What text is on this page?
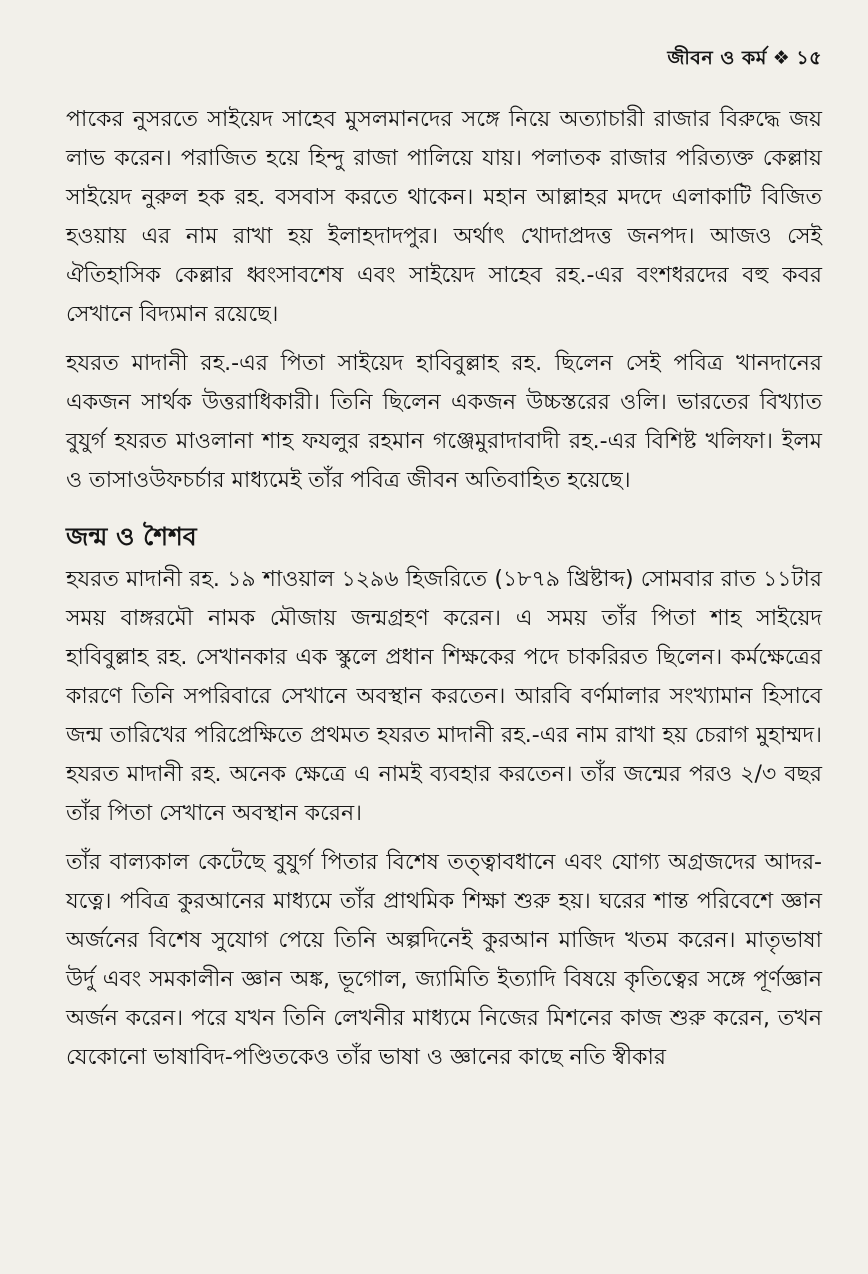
জীবন ও কর্ম ❖ ১৫

পাকের নুসরতে সাইয়েদ সাহেব মুসলমানদের সঙ্গে নিয়ে অত্যাচারী রাজার বিরুদ্ধে জয় লাভ করেন। পরাজিত হয়ে হিন্দু রাজা পালিয়ে যায়। পলাতক রাজার পরিত্যক্ত কেল্লায় সাইয়েদ নুরুল হক রহ. বসবাস করতে থাকেন। মহান আল্লাহর মদদে এলাকাটি বিজিত হওয়ায় এর নাম রাখা হয় ইলাহদাদপুর। অর্থাৎ খোদাপ্রদত্ত জনপদ। আজও সেই ঐতিহাসিক কেল্লার ধ্বংসাবশেষ এবং সাইয়েদ সাহেব রহ.-এর বংশধরদের বহু কবর সেখানে বিদ্যমান রয়েছে।

হযরত মাদানী রহ.-এর পিতা সাইয়েদ হাবিবুল্লাহ রহ. ছিলেন সেই পবিত্র খানদানের একজন সার্থক উত্তরাধিকারী। তিনি ছিলেন একজন উচ্চস্তরের ওলি। ভারতের বিখ্যাত বুযুর্গ হযরত মাওলানা শাহ ফযলুর রহমান গঞ্জেমুরাদাবাদী রহ.-এর বিশিষ্ট খলিফা। ইলম ও তাসাওউফচর্চার মাধ্যমেই তাঁর পবিত্র জীবন অতিবাহিত হয়েছে।

জন্ম ও শৈশব

হযরত মাদানী রহ. ১৯ শাওয়াল ১২৯৬ হিজরিতে (১৮৭৯ খ্রিষ্টাব্দ) সোমবার রাত ১১টার সময় বাঙ্গরমৌ নামক মৌজায় জন্মগ্রহণ করেন। এ সময় তাঁর পিতা শাহ সাইয়েদ হাবিবুল্লাহ রহ. সেখানকার এক স্কুলে প্রধান শিক্ষকের পদে চাকরিরত ছিলেন। কর্মক্ষেত্রের কারণে তিনি সপরিবারে সেখানে অবস্থান করতেন। আরবি বর্ণমালার সংখ্যামান হিসাবে জন্ম তারিখের পরিপ্রেক্ষিতে প্রথমত হযরত মাদানী রহ.-এর নাম রাখা হয় চেরাগ মুহাম্মদ। হযরত মাদানী রহ. অনেক ক্ষেত্রে এ নামই ব্যবহার করতেন। তাঁর জন্মের পরও ২/৩ বছর তাঁর পিতা সেখানে অবস্থান করেন।

তাঁর বাল্যকাল কেটেছে বুযুর্গ পিতার বিশেষ তত্ত্বাবধানে এবং যোগ্য অগ্রজদের আদর-যত্নে। পবিত্র কুরআনের মাধ্যমে তাঁর প্রাথমিক শিক্ষা শুরু হয়। ঘরের শান্ত পরিবেশে জ্ঞান অর্জনের বিশেষ সুযোগ পেয়ে তিনি অল্পদিনেই কুরআন মাজিদ খতম করেন। মাতৃভাষা উর্দু এবং সমকালীন জ্ঞান অঙ্ক, ভূগোল, জ্যামিতি ইত্যাদি বিষয়ে কৃতিত্বের সঙ্গে পূর্ণজ্ঞান অর্জন করেন। পরে যখন তিনি লেখনীর মাধ্যমে নিজের মিশনের কাজ শুরু করেন, তখন যেকোনো ভাষাবিদ-পণ্ডিতকেও তাঁর ভাষা ও জ্ঞানের কাছে নতি স্বীকার
